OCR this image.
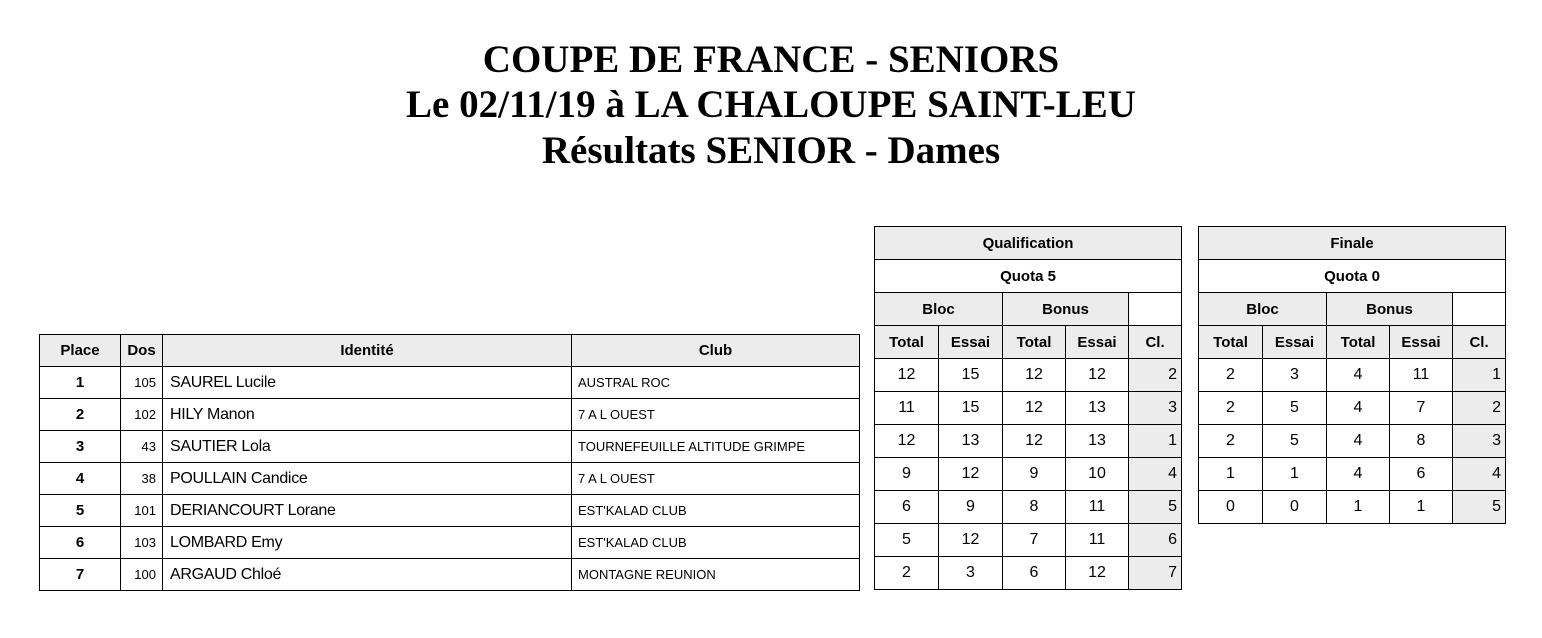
COUPE DE FRANCE - SENIORS
Le 02/11/19 à LA CHALOUPE SAINT-LEU
Résultats SENIOR - Dames
Place	Dos	Identité	Club
1	105	SAUREL Lucile	AUSTRAL ROC
2	102	HILY Manon	7 A L OUEST
3	43	SAUTIER Lola	TOURNEFEUILLE ALTITUDE GRIMPE
4	38	POULLAIN Candice	7 A L OUEST
5	101	DERIANCOURT Lorane	EST'KALAD CLUB
6	103	LOMBARD Emy	EST'KALAD CLUB
7	100	ARGAUD Chloé	MONTAGNE REUNION
Qualification				
Quota 5				
Bloc		Bonus		
Total	Essai	Total	Essai	Cl.
12	15	12	12	2
11	15	12	13	3
12	13	12	13	1
9	12	9	10	4
6	9	8	11	5
5	12	7	11	6
2	3	6	12	7
Finale				
Quota 0				
Bloc		Bonus		
Total	Essai	Total	Essai	Cl.
2	3	4	11	1
2	5	4	7	2
2	5	4	8	3
1	1	4	6	4
0	0	1	1	5
